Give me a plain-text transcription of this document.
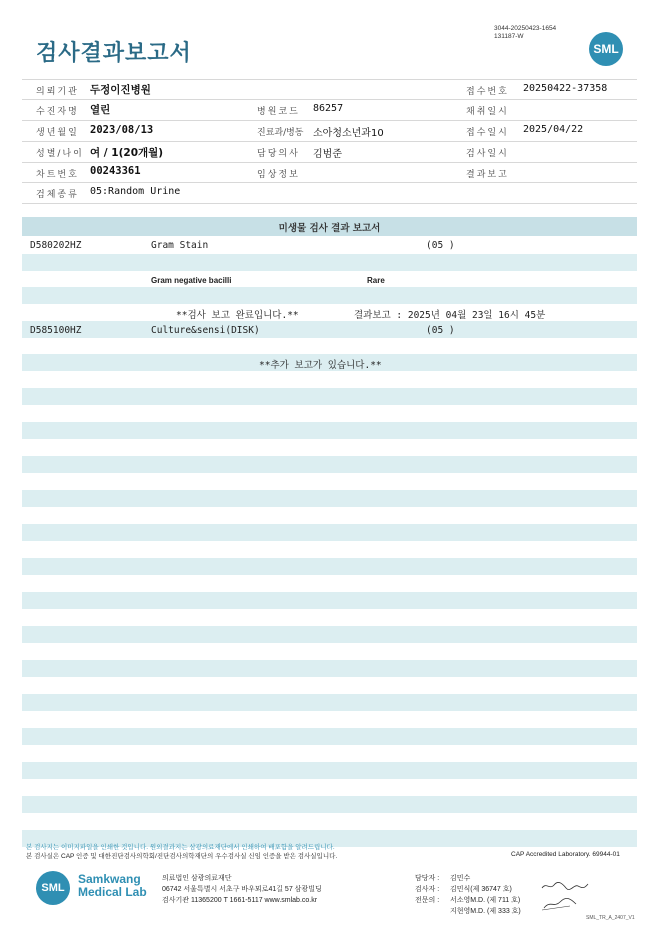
검사결과보고서
3044-20250423-1654
131187-W
SML
의뢰기관 두정이진병원	접수번호 20250422-37358
수진자명 열린	병원코드 86257	채취일시
생년월일 2023/08/13	진료과/병동 소아청소년과10	접수일시 2025/04/22
성별/나이 여 / 1(20개월)	담당의사 김범준	검사일시
차트번호 00243361	임상정보	결과보고
검체종류 05:Random Urine
미생물 검사 결과 보고서
D580202HZ	Gram Stain	(05 )
Gram negative bacilli	Rare
**검사 보고 완료입니다.**	결과보고 : 2025년 04월 23일 16시 45분
D585100HZ	Culture&sensi(DISK)	(05 )
**추가 보고가 있습니다.**
본 검사지는 이미지파일을 인쇄한 것입니다. 원외결과지는 삼광의료재단에서 인쇄하여 배포함을 알려드립니다.
본 검사실은 CAP 인증 및 대한진단검사의학회/진단검사의학재단의 우수검사실 신임 인증을 받은 검사실입니다.	CAP Accredited Laboratory. 69944-01
SML
Samkwang
Medical Lab
의료법인 삼광의료재단
06742 서울특별시 서초구 바우뫼로41길 57 삼광빌딩
검사기관 11365200 T 1661-5117 www.smlab.co.kr
담당자 : 김민수
검사자 : 김민식(제 36747 호)
전문의 : 서소영M.D. (제 711 호)
지현영M.D. (제 333 호)
SML_TR_A_2407_V1
